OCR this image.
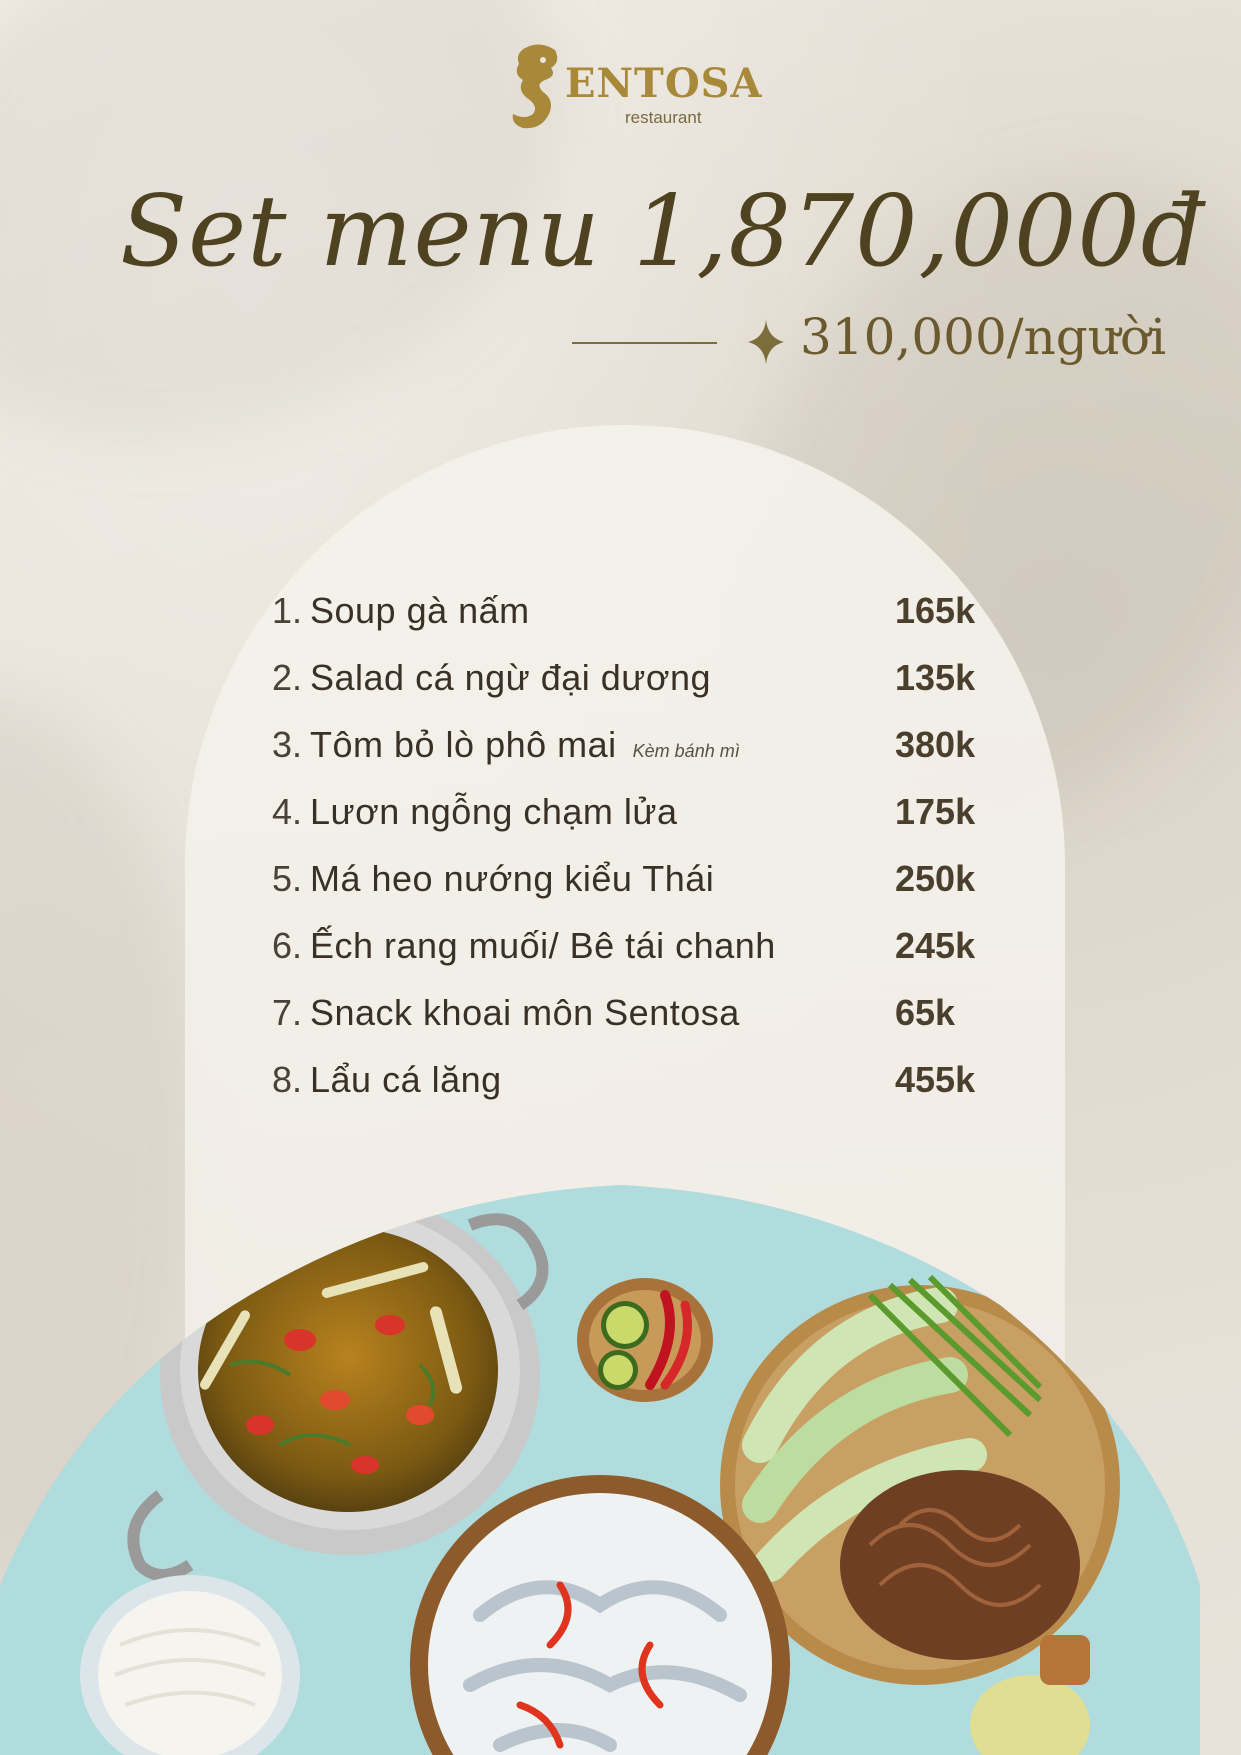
ENTOSA
restaurant
Set menu 1,870,000đ
310,000/người
1. Soup gà nấm	165k
2. Salad cá ngừ đại dương	135k
3. Tôm bỏ lò phô mai Kèm bánh mì	380k
4. Lươn ngỗng chạm lửa	175k
5. Má heo nướng kiểu Thái	250k
6. Ếch rang muối/ Bê tái chanh	245k
7. Snack khoai môn Sentosa	65k
8. Lẩu cá lăng	455k
